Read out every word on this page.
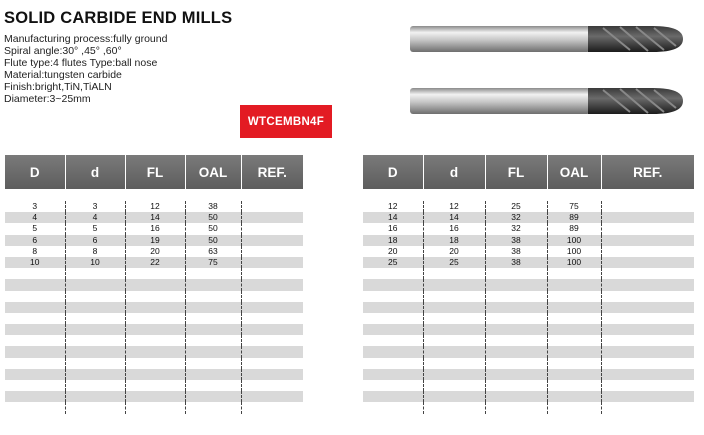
SOLID CARBIDE END MILLS
Manufacturing process:fully ground
Spiral angle:30° ,45° ,60°
Flute type:4 flutes Type:ball nose
Material:tungsten carbide
Finish:bright,TiN,TiALN
Diameter:3~25mm
WTCEMBN4F
D	d	FL	OAL	REF.

3	3	12	38	
4	4	14	50	
5	5	16	50	
6	6	19	50	
8	8	20	63	
10	10	22	75	

D	d	FL	OAL	REF.

12	12	25	75	
14	14	32	89	
16	16	32	89	
18	18	38	100	
20	20	38	100	
25	25	38	100	
